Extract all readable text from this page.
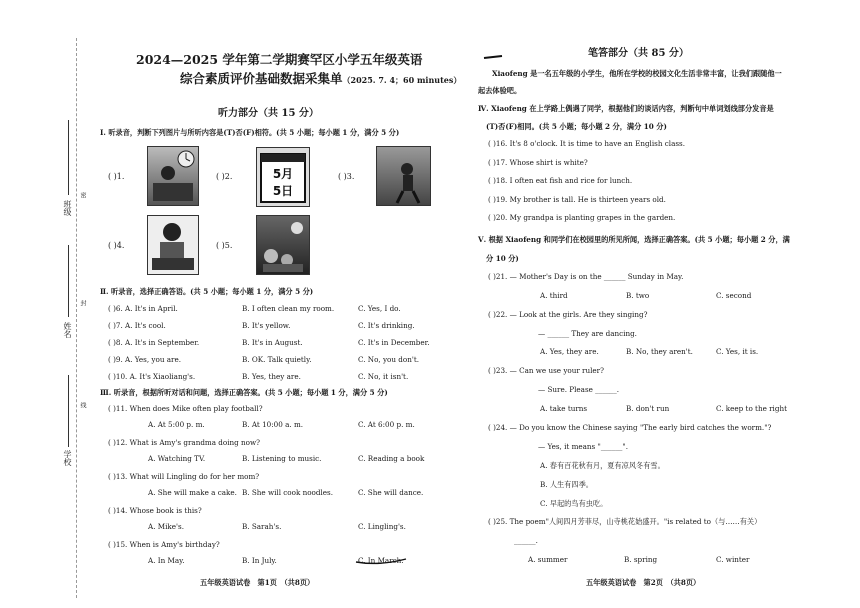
班级
密
姓名
封
学校
线
2024—2025 学年第二学期赛罕区小学五年级英语
综合素质评价基础数据采集单（2025. 7. 4；60 minutes）
听力部分（共 15 分）
Ⅰ. 听录音，判断下列图片与所听内容是(T)否(F)相符。(共 5 小题；每小题 1 分，满分 5 分)
( )1.	( )2.	5月
5日
( )3.
( )4.	( )5.
Ⅱ. 听录音，选择正确答语。(共 5 小题；每小题 1 分，满分 5 分)
( )6. A. It's in April.	B. I often clean my room.	C. Yes, I do.
( )7. A. It's cool.	B. It's yellow.	C. It's drinking.
( )8. A. It's in September.	B. It's in August.	C. It's in December.
( )9. A. Yes, you are.	B. OK. Talk quietly.	C. No, you don't.
( )10. A. It's Xiaoliang's.	B. Yes, they are.	C. No, it isn't.
Ⅲ. 听录音，根据所听对话和问题，选择正确答案。(共 5 小题；每小题 1 分，满分 5 分)
( )11. When does Mike often play football?
A. At 5:00 p. m.	B. At 10:00 a. m.	C. At 6:00 p. m.
( )12. What is Amy's grandma doing now?
A. Watching TV.	B. Listening to music.	C. Reading a book
( )13. What will Lingling do for her mom?
A. She will make a cake. B. She will cook noodles.	C. She will dance.
( )14. Whose book is this?
A. Mike's.	B. Sarah's.	C. Lingling's.
( )15. When is Amy's birthday?
A. In May.	B. In July.	C. In March.
五年级英语试卷　第1页　（共8页）
笔答部分（共 85 分）
Xiaofeng 是一名五年级的小学生，他所在学校的校园文化生活非常丰富，让我们跟随他一
起去体验吧。
Ⅳ. Xiaofeng 在上学路上偶遇了同学，根据他们的谈话内容，判断句中单词划线部分发音是
(T)否(F)相同。(共 5 小题；每小题 2 分，满分 10 分)
( )16. It's 8 o'clock. It is time to have an English class.
( )17. Whose shirt is white?
( )18. I often eat fish and rice for lunch.
( )19. My brother is tall. He is thirteen years old.
( )20. My grandpa is planting grapes in the garden.
Ⅴ. 根据 Xiaofeng 和同学们在校园里的所见所闻，选择正确答案。(共 5 小题；每小题 2 分，满
分 10 分)
( )21. — Mother's Day is on the ______ Sunday in May.
A. third	B. two	C. second
( )22. — Look at the girls. Are they singing?
— ______ They are dancing.
A. Yes, they are.	B. No, they aren't.	C. Yes, it is.
( )23. — Can we use your ruler?
— Sure. Please ______.
A. take turns	B. don't run	C. keep to the right
( )24. — Do you know the Chinese saying "The early bird catches the worm."?
— Yes, it means "______".
A. 春有百花秋有月，夏有凉风冬有雪。
B. 人生有四季。
C. 早起的鸟有虫吃。
( )25. The poem"人间四月芳菲尽，山寺桃花始盛开。"is related to（与……有关）
______.
A. summer	B. spring	C. winter
五年级英语试卷　第2页　（共8页）
